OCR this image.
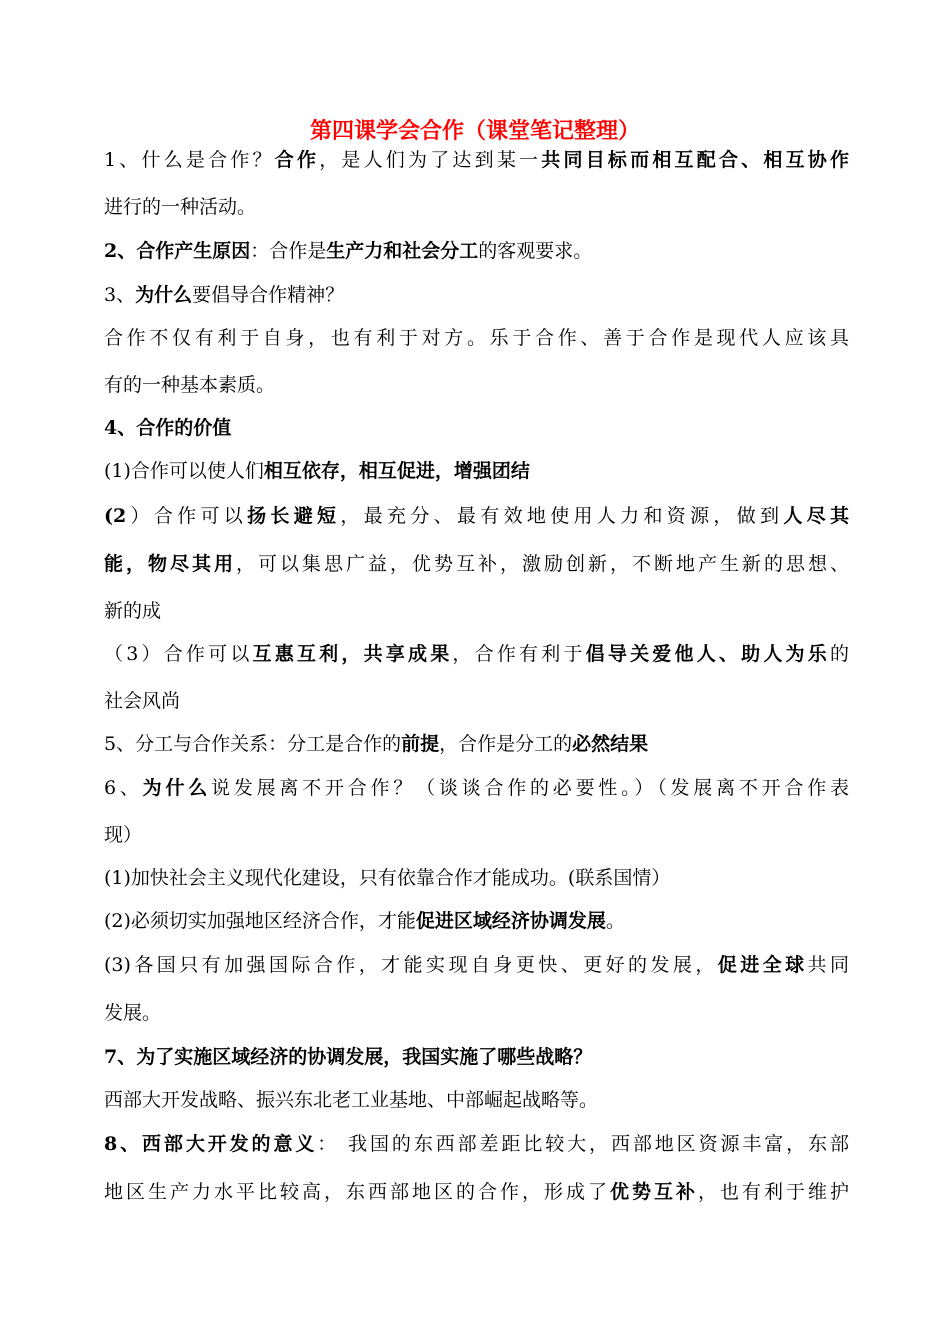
第四课学会合作（课堂笔记整理）
1、什么是合作？合作，是人们为了达到某一共同目标而相互配合、相互协作
进行的一种活动。
2、合作产生原因：合作是生产力和社会分工的客观要求。
3、为什么要倡导合作精神？
合作不仅有利于自身，也有利于对方。乐于合作、善于合作是现代人应该具
有的一种基本素质。
4、合作的价值
(1)合作可以使人们相互依存，相互促进，增强团结
(2）合作可以扬长避短，最充分、最有效地使用人力和资源，做到人尽其
能，物尽其用，可以集思广益，优势互补，激励创新，不断地产生新的思想、
新的成
（3）合作可以互惠互利，共享成果，合作有利于倡导关爱他人、助人为乐的
社会风尚
5、分工与合作关系：分工是合作的前提，合作是分工的必然结果
6、为什么说发展离不开合作？（谈谈合作的必要性。）（发展离不开合作表
现）
(1)加快社会主义现代化建设，只有依靠合作才能成功。(联系国情）
(2)必须切实加强地区经济合作，才能促进区域经济协调发展。
(3)各国只有加强国际合作，才能实现自身更快、更好的发展，促进全球共同
发展。
7、为了实施区域经济的协调发展，我国实施了哪些战略？
西部大开发战略、振兴东北老工业基地、中部崛起战略等。
8、西部大开发的意义： 我国的东西部差距比较大，西部地区资源丰富，东部
地区生产力水平比较高，东西部地区的合作，形成了优势互补，也有利于维护
